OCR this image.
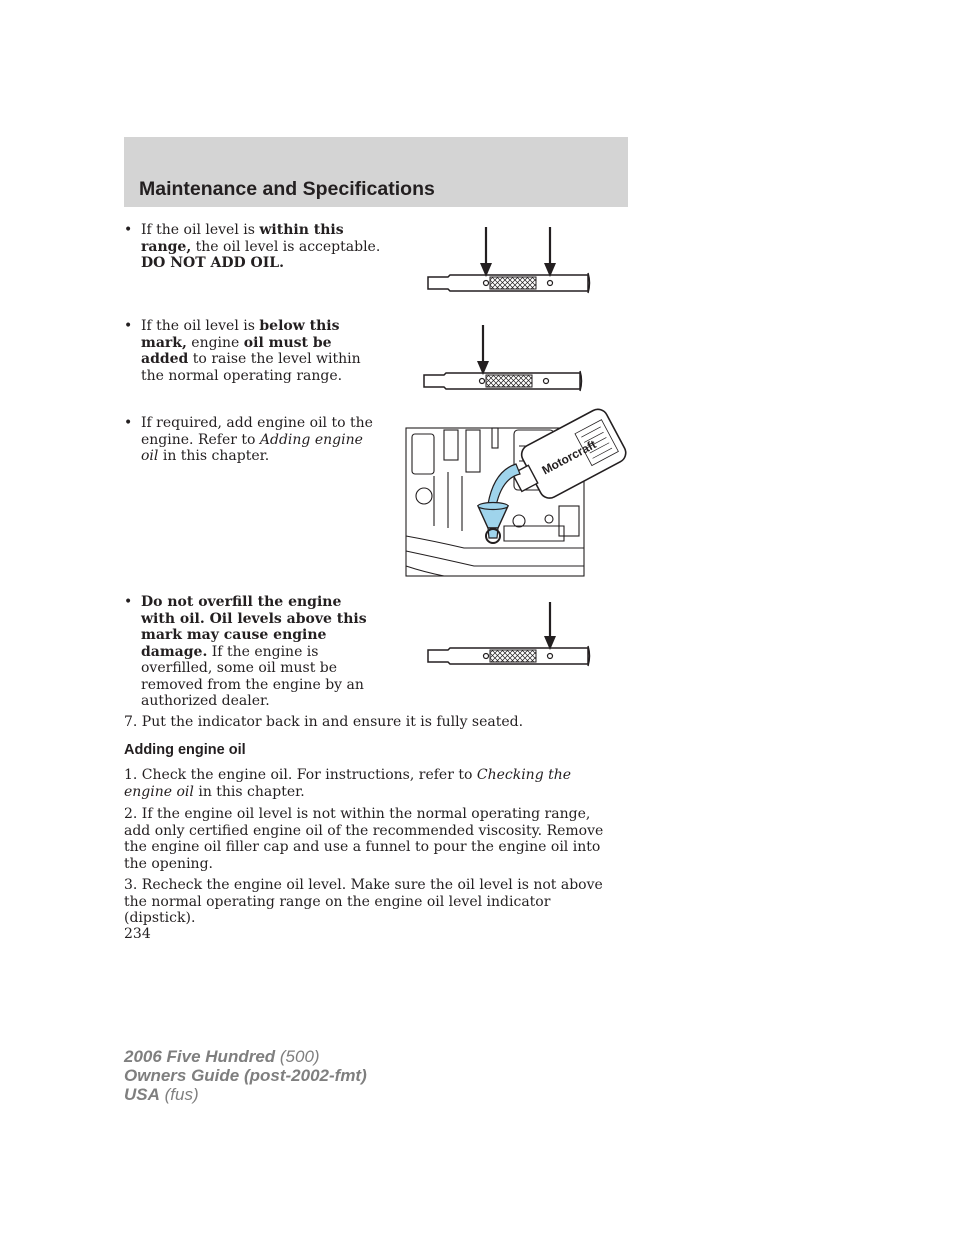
Maintenance and Specifications
• If the oil level is within this range, the oil level is acceptable. DO NOT ADD OIL.
• If the oil level is below this mark, engine oil must be added to raise the level within the normal operating range.
• If required, add engine oil to the engine. Refer to Adding engine oil in this chapter.	Motorcraft
• Do not overfill the engine with oil. Oil levels above this mark may cause engine damage. If the engine is overfilled, some oil must be removed from the engine by an authorized dealer.
7. Put the indicator back in and ensure it is fully seated.
Adding engine oil
1. Check the engine oil. For instructions, refer to Checking the engine oil in this chapter.
2. If the engine oil level is not within the normal operating range, add only certified engine oil of the recommended viscosity. Remove the engine oil filler cap and use a funnel to pour the engine oil into the opening.
3. Recheck the engine oil level. Make sure the oil level is not above the normal operating range on the engine oil level indicator (dipstick).
234
2006 Five Hundred (500)
Owners Guide (post-2002-fmt)
USA (fus)
